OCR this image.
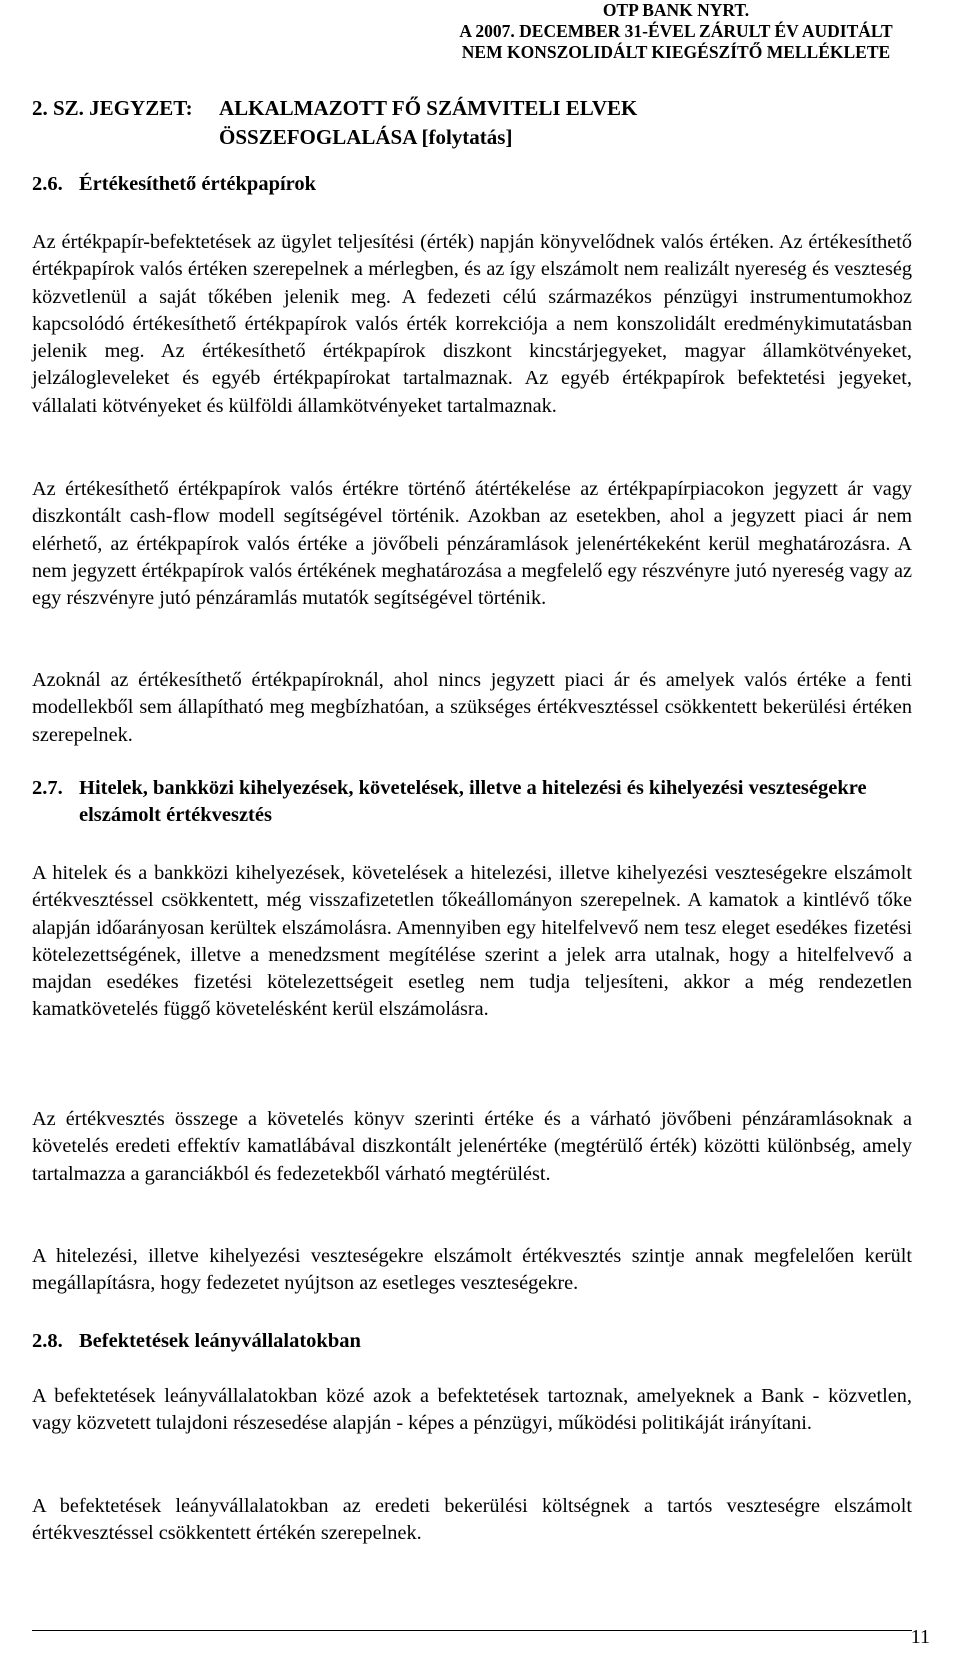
OTP BANK NYRT.
A 2007. DECEMBER 31-ÉVEL ZÁRULT ÉV AUDITÁLT
NEM KONSZOLIDÁLT KIEGÉSZÍTŐ MELLÉKLETE
2. SZ. JEGYZET: ALKALMAZOTT FŐ SZÁMVITELI ELVEK
ÖSSZEFOGLALÁSA [folytatás]
2.6. Értékesíthető értékpapírok
Az értékpapír-befektetések az ügylet teljesítési (érték) napján könyvelődnek valós értéken. Az értékesíthető értékpapírok valós értéken szerepelnek a mérlegben, és az így elszámolt nem realizált nyereség és veszteség közvetlenül a saját tőkében jelenik meg. A fedezeti célú származékos pénzügyi instrumentumokhoz kapcsolódó értékesíthető értékpapírok valós érték korrekciója a nem konszolidált eredménykimutatásban jelenik meg. Az értékesíthető értékpapírok diszkont kincstárjegyeket, magyar államkötvényeket, jelzálogleveleket és egyéb értékpapírokat tartalmaznak. Az egyéb értékpapírok befektetési jegyeket, vállalati kötvényeket és külföldi államkötvényeket tartalmaznak.
Az értékesíthető értékpapírok valós értékre történő átértékelése az értékpapírpiacokon jegyzett ár vagy diszkontált cash-flow modell segítségével történik. Azokban az esetekben, ahol a jegyzett piaci ár nem elérhető, az értékpapírok valós értéke a jövőbeli pénzáramlások jelenértékeként kerül meghatározásra. A nem jegyzett értékpapírok valós értékének meghatározása a megfelelő egy részvényre jutó nyereség vagy az egy részvényre jutó pénzáramlás mutatók segítségével történik.
Azoknál az értékesíthető értékpapíroknál, ahol nincs jegyzett piaci ár és amelyek valós értéke a fenti modellekből sem állapítható meg megbízhatóan, a szükséges értékvesztéssel csökkentett bekerülési értéken szerepelnek.
2.7. Hitelek, bankközi kihelyezések, követelések, illetve a hitelezési és kihelyezési veszteségekre elszámolt értékvesztés
A hitelek és a bankközi kihelyezések, követelések a hitelezési, illetve kihelyezési veszteségekre elszámolt értékvesztéssel csökkentett, még visszafizetetlen tőkeállományon szerepelnek. A kamatok a kintlévő tőke alapján időarányosan kerültek elszámolásra. Amennyiben egy hitelfelvevő nem tesz eleget esedékes fizetési kötelezettségének, illetve a menedzsment megítélése szerint a jelek arra utalnak, hogy a hitelfelvevő a majdan esedékes fizetési kötelezettségeit esetleg nem tudja teljesíteni, akkor a még rendezetlen kamatkövetelés függő követelésként kerül elszámolásra.
Az értékvesztés összege a követelés könyv szerinti értéke és a várható jövőbeni pénzáramlásoknak a követelés eredeti effektív kamatlábával diszkontált jelenértéke (megtérülő érték) közötti különbség, amely tartalmazza a garanciákból és fedezetekből várható megtérülést.
A hitelezési, illetve kihelyezési veszteségekre elszámolt értékvesztés szintje annak megfelelően került megállapításra, hogy fedezetet nyújtson az esetleges veszteségekre.
2.8. Befektetések leányvállalatokban
A befektetések leányvállalatokban közé azok a befektetések tartoznak, amelyeknek a Bank - közvetlen, vagy közvetett tulajdoni részesedése alapján - képes a pénzügyi, működési politikáját irányítani.
A befektetések leányvállalatokban az eredeti bekerülési költségnek a tartós veszteségre elszámolt értékvesztéssel csökkentett értékén szerepelnek.
11
